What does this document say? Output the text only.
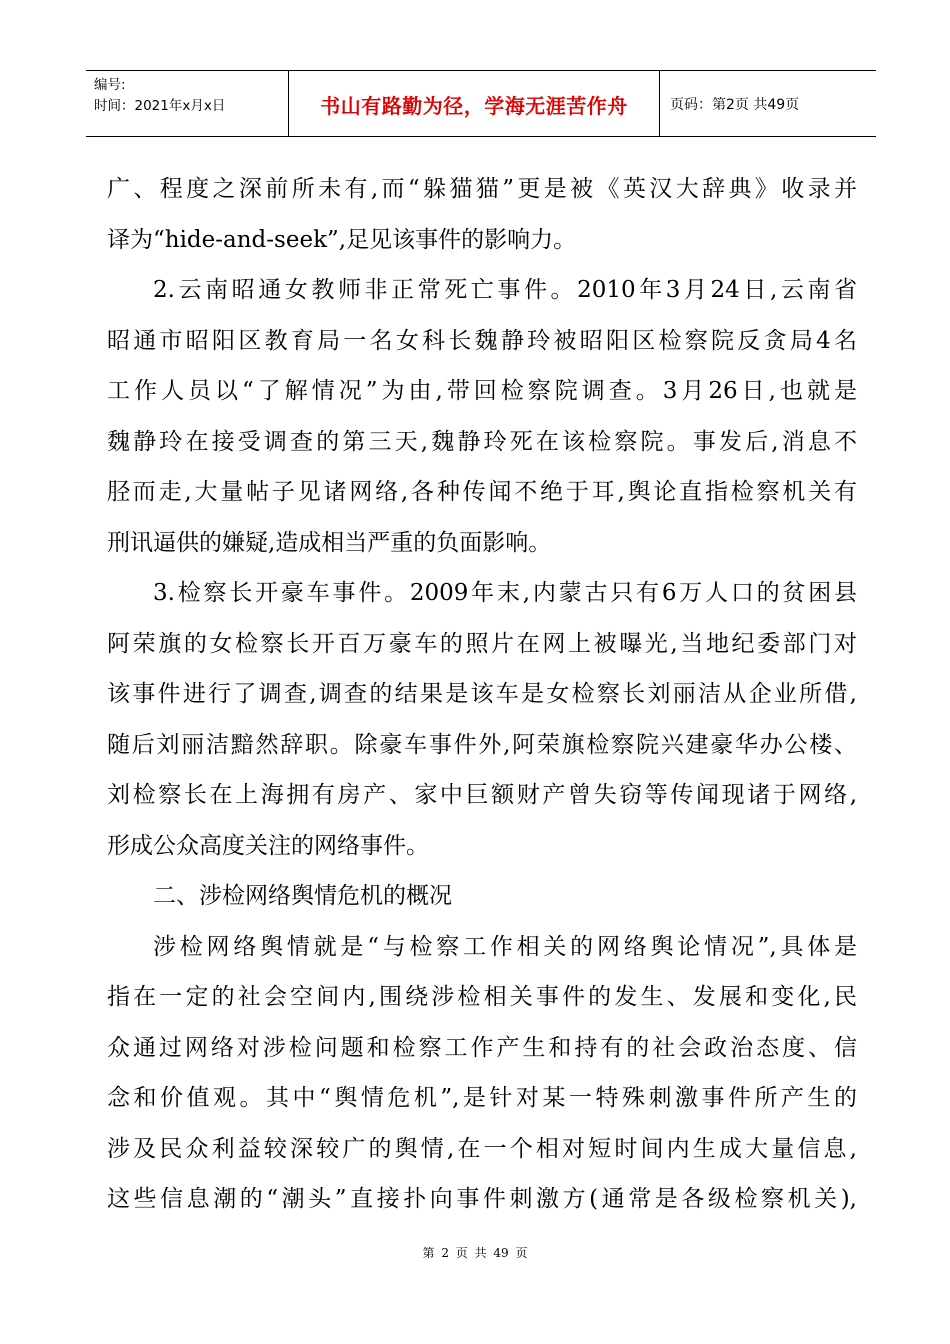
编号:
时间：2021年x月x日	书山有路勤为径，学海无涯苦作舟	页码：第2页 共49页
广、程度之深前所未有,而“躲猫猫”更是被《英汉大辞典》收录并
译为“hide-and-seek”,足见该事件的影响力。
2.云南昭通女教师非正常死亡事件。2010年3月24日,云南省
昭通市昭阳区教育局一名女科长魏静玲被昭阳区检察院反贪局4名
工作人员以“了解情况”为由,带回检察院调查。3月26日,也就是
魏静玲在接受调查的第三天,魏静玲死在该检察院。事发后,消息不
胫而走,大量帖子见诸网络,各种传闻不绝于耳,舆论直指检察机关有
刑讯逼供的嫌疑,造成相当严重的负面影响。
3.检察长开豪车事件。2009年末,内蒙古只有6万人口的贫困县
阿荣旗的女检察长开百万豪车的照片在网上被曝光,当地纪委部门对
该事件进行了调查,调查的结果是该车是女检察长刘丽洁从企业所借,
随后刘丽洁黯然辞职。除豪车事件外,阿荣旗检察院兴建豪华办公楼、
刘检察长在上海拥有房产、家中巨额财产曾失窃等传闻现诸于网络,
形成公众高度关注的网络事件。
二、涉检网络舆情危机的概况
涉检网络舆情就是“与检察工作相关的网络舆论情况”,具体是
指在一定的社会空间内,围绕涉检相关事件的发生、发展和变化,民
众通过网络对涉检问题和检察工作产生和持有的社会政治态度、信
念和价值观。其中“舆情危机”,是针对某一特殊刺激事件所产生的
涉及民众利益较深较广的舆情,在一个相对短时间内生成大量信息,
这些信息潮的“潮头”直接扑向事件刺激方(通常是各级检察机关),
第 2 页 共 49 页
